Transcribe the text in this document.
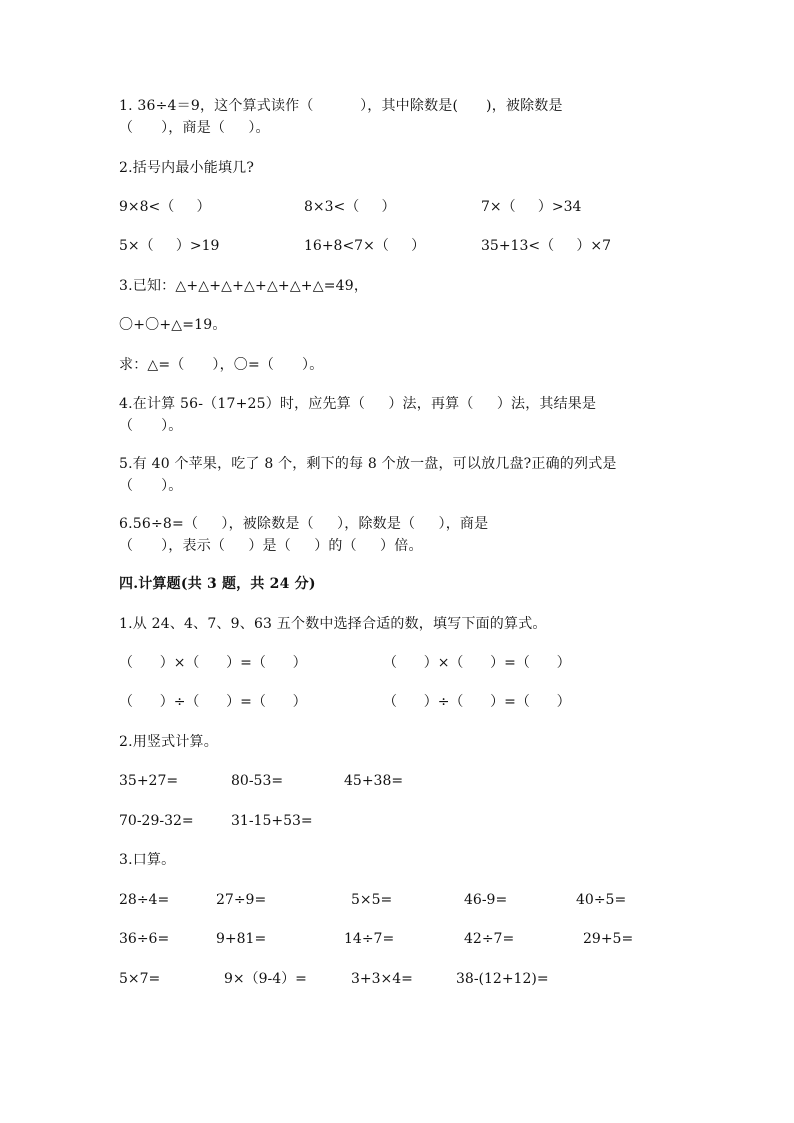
1. 36÷4＝9，这个算式读作（          ），其中除数是(      )，被除数是
（      ），商是（     ）。
2.括号内最小能填几?
9×8<（     ）	8×3<（     ）	7×（     ）>34
5×（     ）>19	16+8<7×（     ）	35+13<（     ）×7
3.已知：△+△+△+△+△+△+△=49，
〇+〇+△=19。
求：△=（      ），〇=（      ）。
4.在计算 56-（17+25）时，应先算（     ）法，再算（     ）法，其结果是
（      ）。
5.有 40 个苹果，吃了 8 个，剩下的每 8 个放一盘，可以放几盘?正确的列式是
（      ）。
6.56÷8=（     ），被除数是（     ），除数是（     ），商是
（      ），表示（     ）是（     ）的（     ）倍。
四.计算题(共 3 题，共 24 分)
1.从 24、4、7、9、63 五个数中选择合适的数，填写下面的算式。
（      ）×（      ）=（      ）	（      ）×（      ）=（      ）
（      ）÷（      ）=（      ）	（      ）÷（      ）=（      ）
2.用竖式计算。
35+27=	80-53=	45+38=
70-29-32=	31-15+53=
3.口算。
28÷4=	27÷9=	5×5=	46-9=	40÷5=
36÷6=	9+81=	14÷7=	42÷7=	29+5=
5×7=	9×（9-4）=	3+3×4=	38-(12+12)=
